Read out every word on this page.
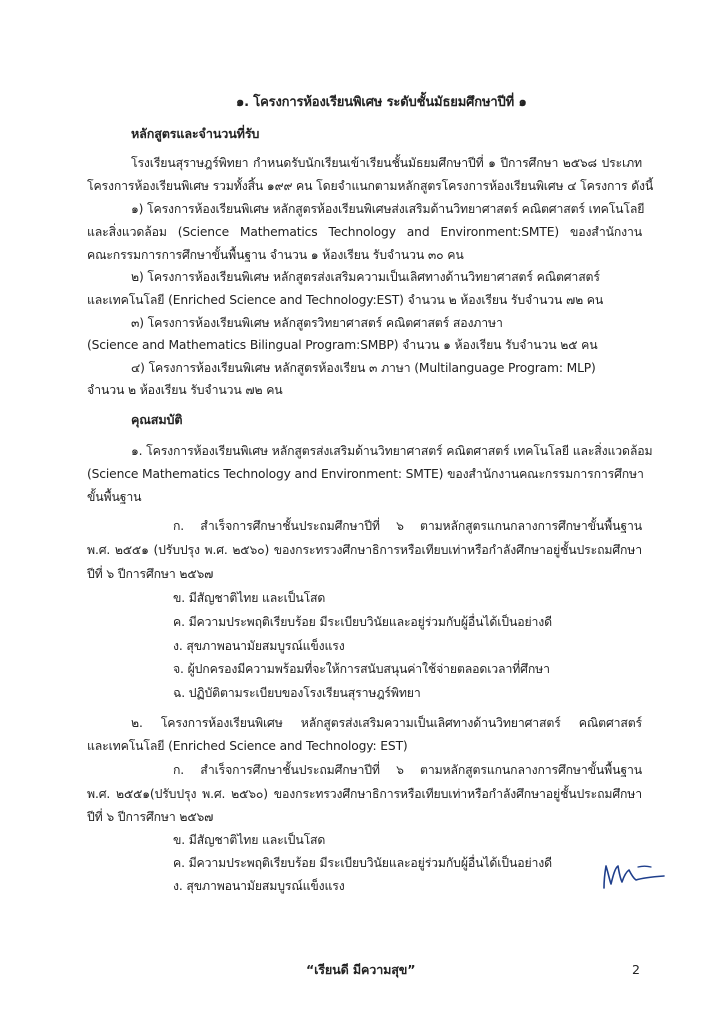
๑. โครงการห้องเรียนพิเศษ ระดับชั้นมัธยมศึกษาปีที่ ๑
หลักสูตรและจำนวนที่รับ
โรงเรียนสุราษฎร์พิทยา กำหนดรับนักเรียนเข้าเรียนชั้นมัธยมศึกษาปีที่ ๑ ปีการศึกษา ๒๕๖๘ ประเภท
โครงการห้องเรียนพิเศษ รวมทั้งสิ้น ๑๙๙ คน โดยจำแนกตามหลักสูตรโครงการห้องเรียนพิเศษ ๔ โครงการ ดังนี้
๑) โครงการห้องเรียนพิเศษ หลักสูตรห้องเรียนพิเศษส่งเสริมด้านวิทยาศาสตร์ คณิตศาสตร์ เทคโนโลยี
และสิ่งแวดล้อม (Science Mathematics Technology and Environment:SMTE) ของสำนักงาน
คณะกรรมการการศึกษาขั้นพื้นฐาน จำนวน ๑ ห้องเรียน รับจำนวน ๓๐ คน
๒) โครงการห้องเรียนพิเศษ หลักสูตรส่งเสริมความเป็นเลิศทางด้านวิทยาศาสตร์ คณิตศาสตร์
และเทคโนโลยี (Enriched Science and Technology:EST) จำนวน ๒ ห้องเรียน รับจำนวน ๗๒ คน
๓) โครงการห้องเรียนพิเศษ หลักสูตรวิทยาศาสตร์ คณิตศาสตร์ สองภาษา
(Science and Mathematics Bilingual Program:SMBP) จำนวน ๑ ห้องเรียน รับจำนวน ๒๕ คน
๔) โครงการห้องเรียนพิเศษ หลักสูตรห้องเรียน ๓ ภาษา (Multilanguage Program: MLP)
จำนวน ๒ ห้องเรียน รับจำนวน ๗๒ คน
คุณสมบัติ
๑. โครงการห้องเรียนพิเศษ หลักสูตรส่งเสริมด้านวิทยาศาสตร์ คณิตศาสตร์ เทคโนโลยี และสิ่งแวดล้อม
(Science Mathematics Technology and Environment: SMTE) ของสำนักงานคณะกรรมการการศึกษา
ขั้นพื้นฐาน
ก. สำเร็จการศึกษาชั้นประถมศึกษาปีที่ ๖ ตามหลักสูตรแกนกลางการศึกษาขั้นพื้นฐาน
พ.ศ. ๒๕๕๑ (ปรับปรุง พ.ศ. ๒๕๖๐) ของกระทรวงศึกษาธิการหรือเทียบเท่าหรือกำลังศึกษาอยู่ชั้นประถมศึกษา
ปีที่ ๖ ปีการศึกษา ๒๕๖๗
ข. มีสัญชาติไทย และเป็นโสด
ค. มีความประพฤติเรียบร้อย มีระเบียบวินัยและอยู่ร่วมกับผู้อื่นได้เป็นอย่างดี
ง. สุขภาพอนามัยสมบูรณ์แข็งแรง
จ. ผู้ปกครองมีความพร้อมที่จะให้การสนับสนุนค่าใช้จ่ายตลอดเวลาที่ศึกษา
ฉ. ปฏิบัติตามระเบียบของโรงเรียนสุราษฎร์พิทยา
๒. โครงการห้องเรียนพิเศษ หลักสูตรส่งเสริมความเป็นเลิศทางด้านวิทยาศาสตร์ คณิตศาสตร์
และเทคโนโลยี (Enriched Science and Technology: EST)
ก. สำเร็จการศึกษาชั้นประถมศึกษาปีที่ ๖ ตามหลักสูตรแกนกลางการศึกษาขั้นพื้นฐาน
พ.ศ. ๒๕๕๑(ปรับปรุง พ.ศ. ๒๕๖๐) ของกระทรวงศึกษาธิการหรือเทียบเท่าหรือกำลังศึกษาอยู่ชั้นประถมศึกษา
ปีที่ ๖ ปีการศึกษา ๒๕๖๗
ข. มีสัญชาติไทย และเป็นโสด
ค. มีความประพฤติเรียบร้อย มีระเบียบวินัยและอยู่ร่วมกับผู้อื่นได้เป็นอย่างดี
ง. สุขภาพอนามัยสมบูรณ์แข็งแรง
“เรียนดี มีความสุข”	2
